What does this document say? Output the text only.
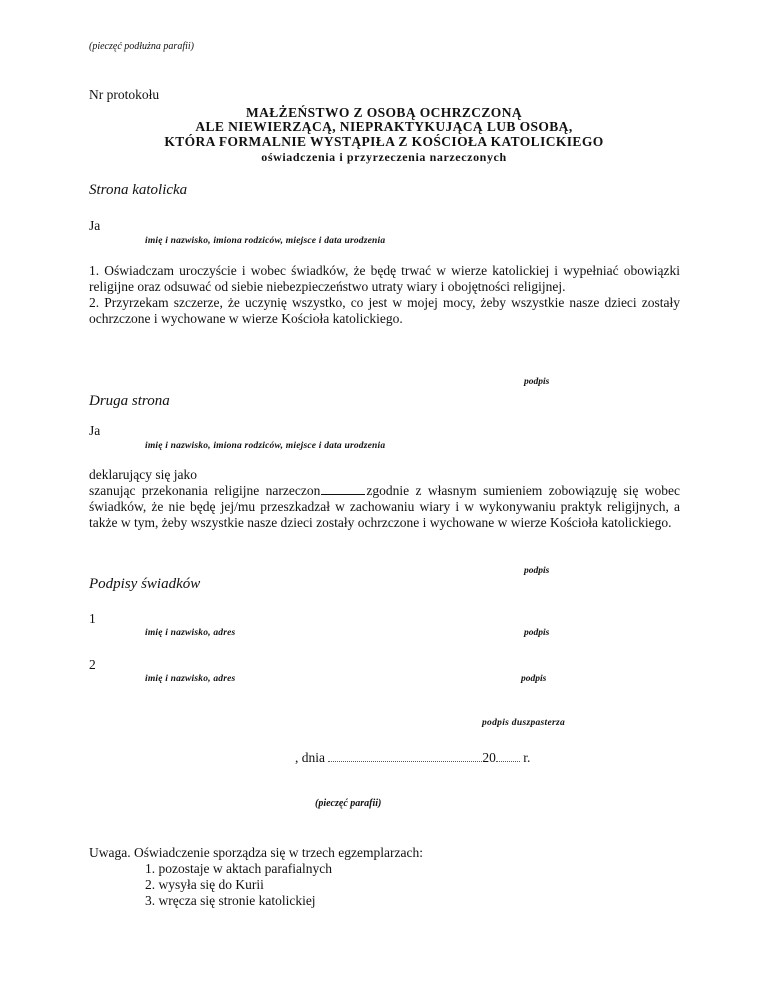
(pieczęć podłużna parafii)
Nr protokołu
MAŁŻEŃSTWO Z OSOBĄ OCHRZCZONĄ
ALE NIEWIERZĄCĄ, NIEPRAKTYKUJĄCĄ LUB OSOBĄ,
KTÓRA FORMALNIE WYSTĄPIŁA Z KOŚCIOŁA KATOLICKIEGO
oświadczenia i przyrzeczenia narzeczonych
Strona katolicka
Ja
imię i nazwisko, imiona rodziców, miejsce i data urodzenia

1. Oświadczam uroczyście i wobec świadków, że będę trwać w wierze katolickiej i wypełniać obowiązki religijne oraz odsuwać od siebie niebezpieczeństwo utraty wiary i obojętności religijnej.

2. Przyrzekam szczerze, że uczynię wszystko, co jest w mojej mocy, żeby wszystkie nasze dzieci zostały ochrzczone i wychowane w wierze Kościoła katolickiego.

podpis
Druga strona
Ja
imię i nazwisko, imiona rodziców, miejsce i data urodzenia

deklarujący się jako

szanując przekonania religijne narzeczon	zgodnie z własnym sumieniem zobowiązuję się wobec świadków, że nie będę jej/mu przeszkadzał w zachowaniu wiary i w wykonywaniu praktyk religijnych, a także w tym, żeby wszystkie nasze dzieci zostały ochrzczone i wychowane w wierze Kościoła katolickiego.

podpis
Podpisy świadków
1
imię i nazwisko, adres	podpis
2
imię i nazwisko, adres	podpis
podpis duszpasterza
, dnia	20 r.
(pieczęć parafii)
Uwaga. Oświadczenie sporządza się w trzech egzemplarzach:
1. pozostaje w aktach parafialnych
2. wysyła się do Kurii
3. wręcza się stronie katolickiej
